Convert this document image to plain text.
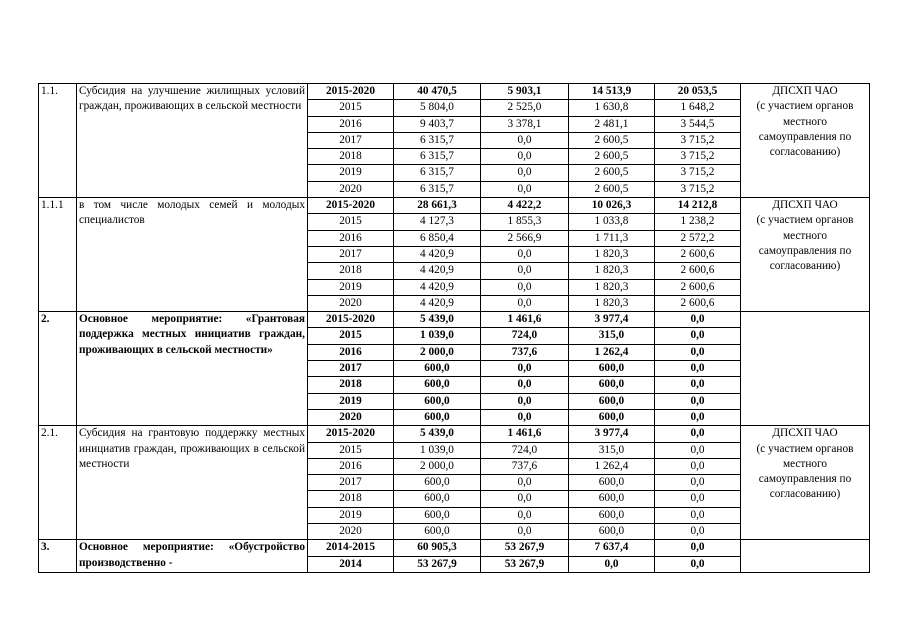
1.1.	Субсидия на улучшение жилищных условий граждан, проживающих в сельской местности	2015-2020	40 470,5	5 903,1	14 513,9	20 053,5	ДПСХП ЧАО
(с участием органов местного самоуправления по согласованию)
		2015	5 804,0	2 525,0	1 630,8	1 648,2	
		2016	9 403,7	3 378,1	2 481,1	3 544,5	
		2017	6 315,7	0,0	2 600,5	3 715,2	
		2018	6 315,7	0,0	2 600,5	3 715,2	
		2019	6 315,7	0,0	2 600,5	3 715,2	
		2020	6 315,7	0,0	2 600,5	3 715,2	
1.1.1	в том числе молодых семей и молодых специалистов	2015-2020	28 661,3	4 422,2	10 026,3	14 212,8	ДПСХП ЧАО
(с участием органов местного самоуправления по согласованию)
		2015	4 127,3	1 855,3	1 033,8	1 238,2	
		2016	6 850,4	2 566,9	1 711,3	2 572,2	
		2017	4 420,9	0,0	1 820,3	2 600,6	
		2018	4 420,9	0,0	1 820,3	2 600,6	
		2019	4 420,9	0,0	1 820,3	2 600,6	
		2020	4 420,9	0,0	1 820,3	2 600,6	
2.	Основное мероприятие: «Грантовая поддержка местных инициатив граждан, проживающих в сельской местности»	2015-2020	5 439,0	1 461,6	3 977,4	0,0	
		2015	1 039,0	724,0	315,0	0,0	
		2016	2 000,0	737,6	1 262,4	0,0	
		2017	600,0	0,0	600,0	0,0	
		2018	600,0	0,0	600,0	0,0	
		2019	600,0	0,0	600,0	0,0	
		2020	600,0	0,0	600,0	0,0	
2.1.	Субсидия на грантовую поддержку местных инициатив граждан, проживающих в сельской местности	2015-2020	5 439,0	1 461,6	3 977,4	0,0	ДПСХП ЧАО
(с участием органов местного самоуправления по согласованию)
		2015	1 039,0	724,0	315,0	0,0	
		2016	2 000,0	737,6	1 262,4	0,0	
		2017	600,0	0,0	600,0	0,0	
		2018	600,0	0,0	600,0	0,0	
		2019	600,0	0,0	600,0	0,0	
		2020	600,0	0,0	600,0	0,0	
3.	Основное мероприятие: «Обустройство производственно -	2014-2015	60 905,3	53 267,9	7 637,4	0,0	
		2014	53 267,9	53 267,9	0,0	0,0	
